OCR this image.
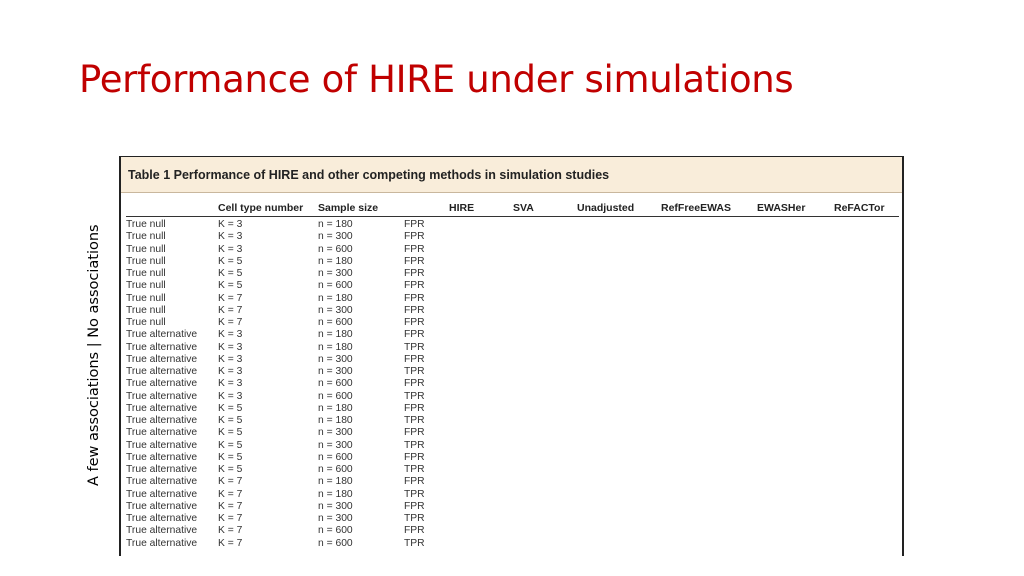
Performance of HIRE under simulations
A few associations | No associations
Table 1 Performance of HIRE and other competing methods in simulation studies
	Cell type number	Sample size		HIRE	SVA	Unadjusted	RefFreeEWAS	EWASHer	ReFACTor
True null	K = 3	n = 180	FPR						
True null	K = 3	n = 300	FPR						
True null	K = 3	n = 600	FPR						
True null	K = 5	n = 180	FPR						
True null	K = 5	n = 300	FPR						
True null	K = 5	n = 600	FPR						
True null	K = 7	n = 180	FPR						
True null	K = 7	n = 300	FPR						
True null	K = 7	n = 600	FPR						
True alternative	K = 3	n = 180	FPR						
True alternative	K = 3	n = 180	TPR						
True alternative	K = 3	n = 300	FPR						
True alternative	K = 3	n = 300	TPR						
True alternative	K = 3	n = 600	FPR						
True alternative	K = 3	n = 600	TPR						
True alternative	K = 5	n = 180	FPR						
True alternative	K = 5	n = 180	TPR						
True alternative	K = 5	n = 300	FPR						
True alternative	K = 5	n = 300	TPR						
True alternative	K = 5	n = 600	FPR						
True alternative	K = 5	n = 600	TPR						
True alternative	K = 7	n = 180	FPR						
True alternative	K = 7	n = 180	TPR						
True alternative	K = 7	n = 300	FPR						
True alternative	K = 7	n = 300	TPR						
True alternative	K = 7	n = 600	FPR						
True alternative	K = 7	n = 600	TPR						
